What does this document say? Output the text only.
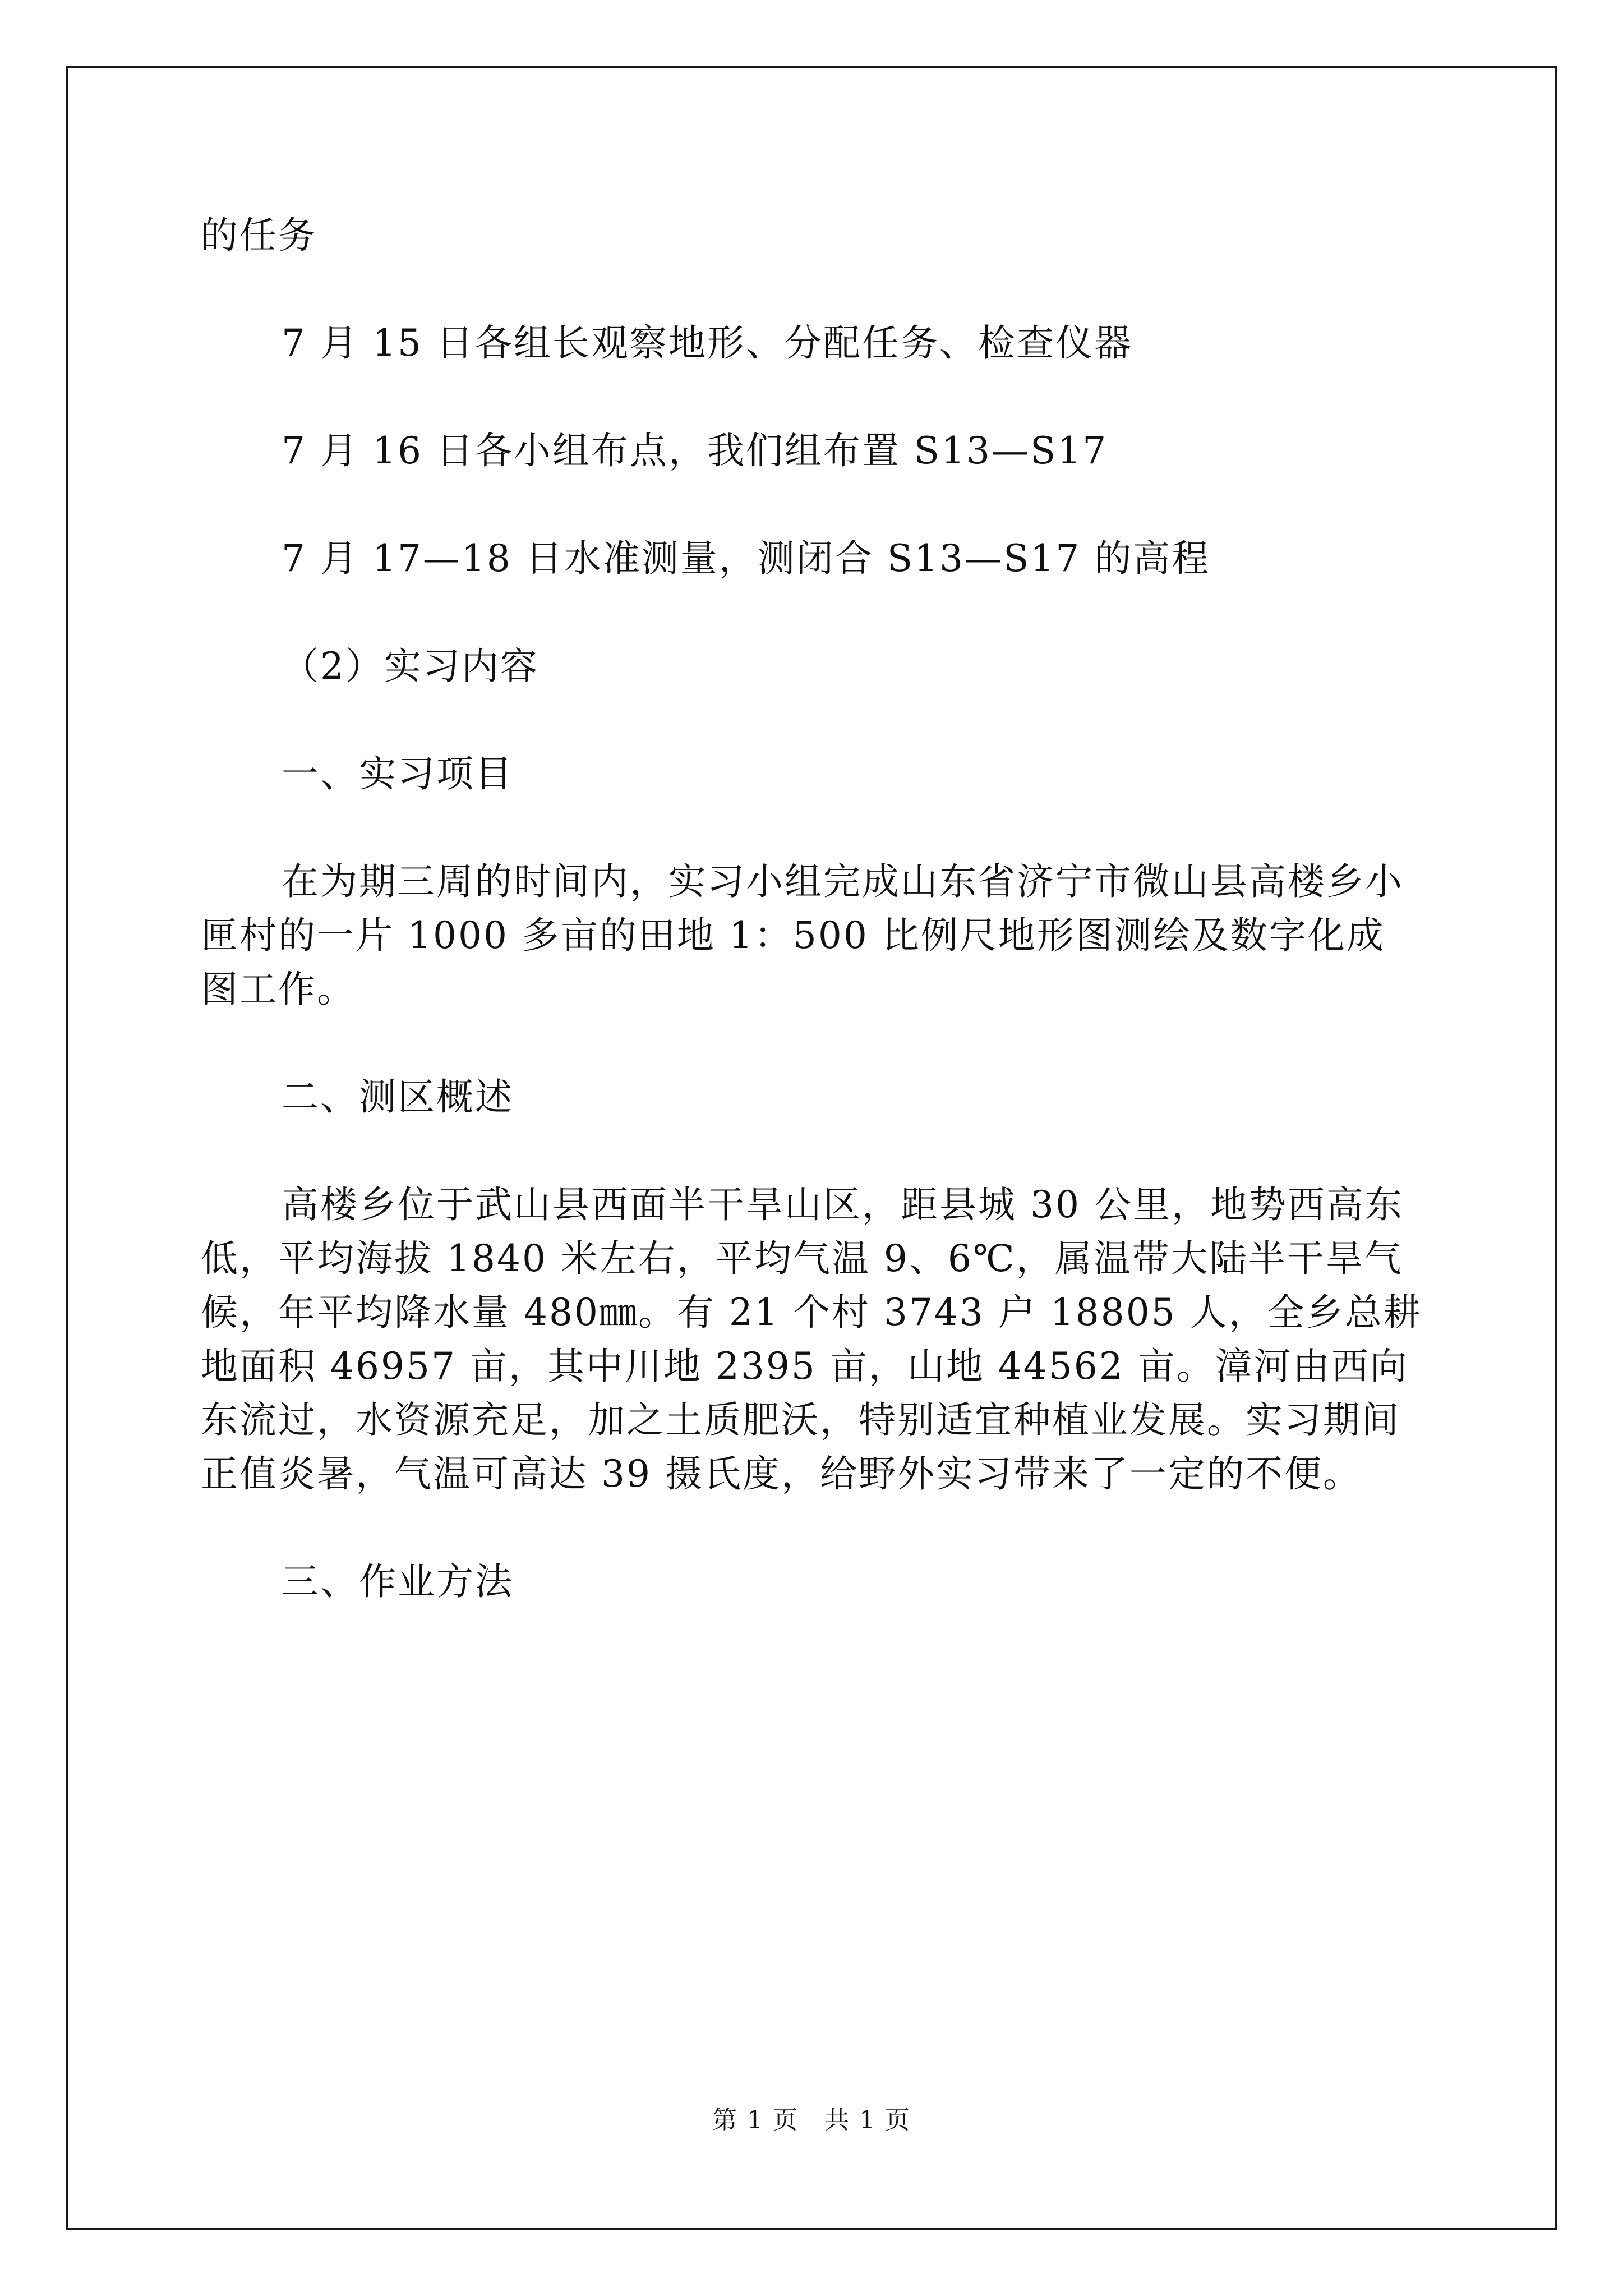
的任务

7 月 15 日各组长观察地形、分配任务、检查仪器

7 月 16 日各小组布点，我们组布置 S13—S17

7 月 17—18 日水准测量，测闭合 S13—S17 的高程

（2）实习内容

一、实习项目

在为期三周的时间内，实习小组完成山东省济宁市微山县高楼乡小匣村的一片 1000 多亩的田地 1：500 比例尺地形图测绘及数字化成图工作。

二、测区概述

高楼乡位于武山县西面半干旱山区，距县城 30 公里，地势西高东低，平均海拔 1840 米左右，平均气温 9、6℃，属温带大陆半干旱气候，年平均降水量 480㎜。有 21 个村 3743 户 18805 人，全乡总耕地面积 46957 亩，其中川地 2395 亩，山地 44562 亩。漳河由西向东流过，水资源充足，加之土质肥沃，特别适宜种植业发展。实习期间正值炎暑，气温可高达 39 摄氏度，给野外实习带来了一定的不便。

三、作业方法

第 1 页　共 1 页
